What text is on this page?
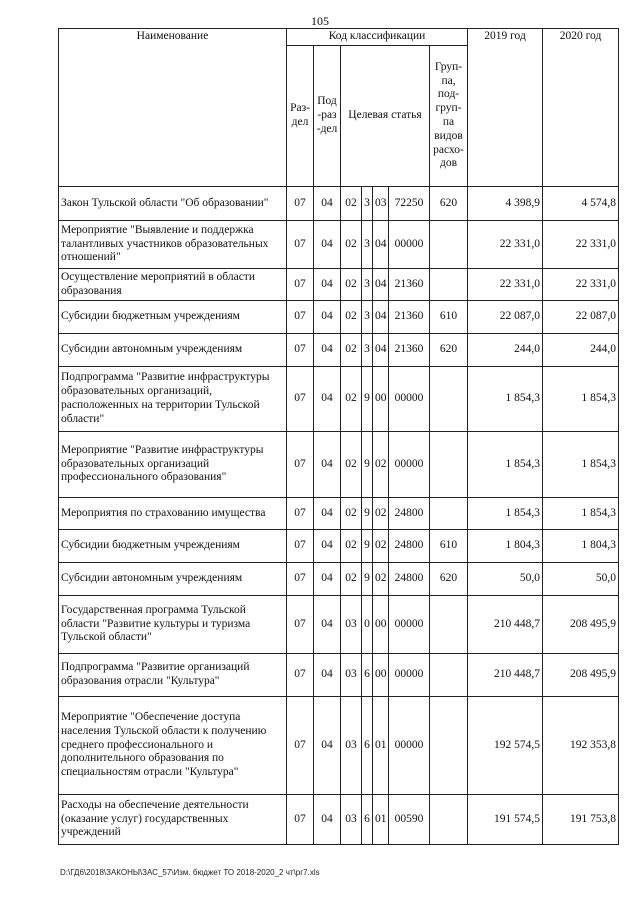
105
Наименование	Код классификации							2019 год	2020 год
	Раз-дел	Под-раз-дел	Целевая статья				Груп-па, под-груп-па видов расхо-дов		
Закон Тульской области "Об образовании"	07	04	02	3	03	72250	620	4 398,9	4 574,8
Мероприятие "Выявление и поддержка талантливых участников образовательных отношений"	07	04	02	3	04	00000		22 331,0	22 331,0
Осуществление мероприятий в области образования	07	04	02	3	04	21360		22 331,0	22 331,0
Субсидии бюджетным учреждениям	07	04	02	3	04	21360	610	22 087,0	22 087,0
Субсидии автономным учреждениям	07	04	02	3	04	21360	620	244,0	244,0
Подпрограмма "Развитие инфраструктуры образовательных организаций, расположенных на территории Тульской области"	07	04	02	9	00	00000		1 854,3	1 854,3
Мероприятие "Развитие инфраструктуры образовательных организаций профессионального образования"	07	04	02	9	02	00000		1 854,3	1 854,3
Мероприятия по страхованию имущества	07	04	02	9	02	24800		1 854,3	1 854,3
Субсидии бюджетным учреждениям	07	04	02	9	02	24800	610	1 804,3	1 804,3
Субсидии автономным учреждениям	07	04	02	9	02	24800	620	50,0	50,0
Государственная программа Тульской области "Развитие культуры и туризма Тульской области"	07	04	03	0	00	00000		210 448,7	208 495,9
Подпрограмма "Развитие организаций образования отрасли "Культура"	07	04	03	6	00	00000		210 448,7	208 495,9
Мероприятие "Обеспечение доступа населения Тульской области к получению среднего профессионального и дополнительного образования по специальностям отрасли "Культура"	07	04	03	6	01	00000		192 574,5	192 353,8
Расходы на обеспечение деятельности (оказание услуг) государственных учреждений	07	04	03	6	01	00590		191 574,5	191 753,8
D:\ГД6\2018\ЗАКОНЫ\ЗАС_57\Изм. бюджет ТО 2018-2020_2 чт\рг7.xls
